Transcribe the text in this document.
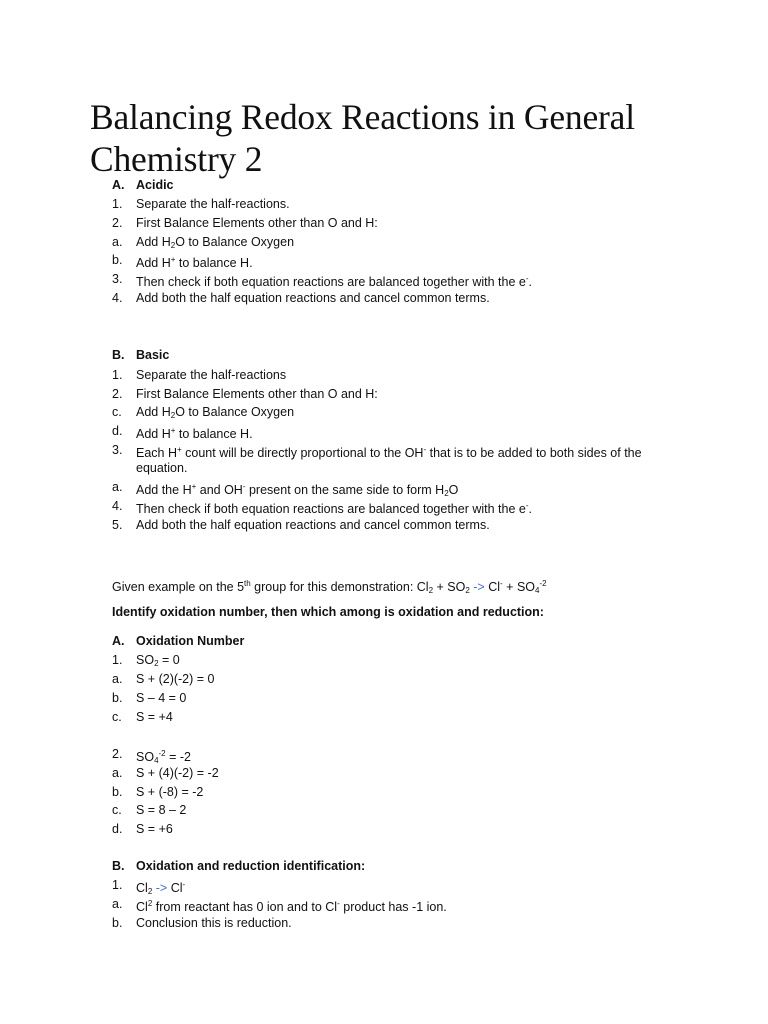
Balancing Redox Reactions in General
Chemistry 2
A. Acidic
1. Separate the half-reactions.
2. First Balance Elements other than O and H:
a. Add $H_2O$ to Balance Oxygen
b. Add H+ to balance H.
3. Then check if both equation reactions are balanced together with the e-.
4. Add both the half equation reactions and cancel common terms.
B. Basic
1. Separate the half-reactions
2. First Balance Elements other than O and H:
c. Add $H_2O$ to Balance Oxygen
d. Add H+ to balance H.
3. Each H+ count will be directly proportional to the OH- that is to be added to both sides of the
equation.
a. Add the H+ and OH- present on the same side to form $H_2O$
4. Then check if both equation reactions are balanced together with the e-.
5. Add both the half equation reactions and cancel common terms.
Given example on the 5th group for this demonstration: $Cl_2 + SO_2 -> Cl^- + SO_4^{-2}$
Identify oxidation number, then which among is oxidation and reduction:
A. Oxidation Number
1. $SO_2 = 0$
a. S + (2)(-2) = 0
b. S – 4 = 0
c. S = +4
2. $SO_4^{-2} = -2$
a. S + (4)(-2) = -2
b. S + (-8) = -2
c. S = 8 – 2
d. S = +6
B. Oxidation and reduction identification:
1. $Cl_2 -> Cl^-$
a. Cl$^2$ from reactant has 0 ion and to Cl- product has -1 ion.
b. Conclusion this is reduction.
